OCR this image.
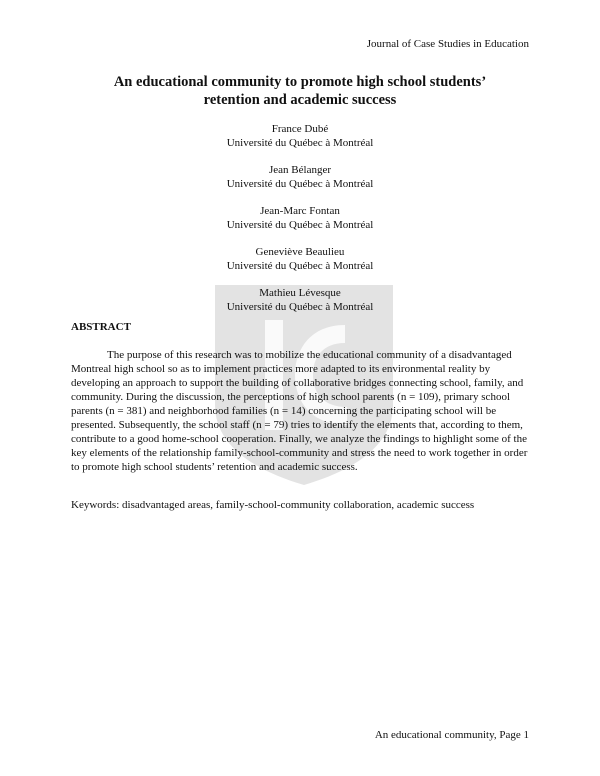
Journal of Case Studies in Education
An educational community to promote high school students’
retention and academic success
France Dubé
Université du Québec à Montréal
Jean Bélanger
Université du Québec à Montréal
Jean-Marc Fontan
Université du Québec à Montréal
Geneviève Beaulieu
Université du Québec à Montréal
Mathieu Lévesque
Université du Québec à Montréal
ABSTRACT

The purpose of this research was to mobilize the educational community of a disadvantaged Montreal high school so as to implement practices more adapted to its environmental reality by developing an approach to support the building of collaborative bridges connecting school, family, and community. During the discussion, the perceptions of high school parents (n = 109), primary school parents (n = 381) and neighborhood families (n = 14) concerning the participating school will be presented. Subsequently, the school staff (n = 79) tries to identify the elements that, according to them, contribute to a good home-school cooperation. Finally, we analyze the findings to highlight some of the key elements of the relationship family-school-community and stress the need to work together in order to promote high school students’ retention and academic success.

Keywords: disadvantaged areas, family-school-community collaboration, academic success
An educational community, Page 1
